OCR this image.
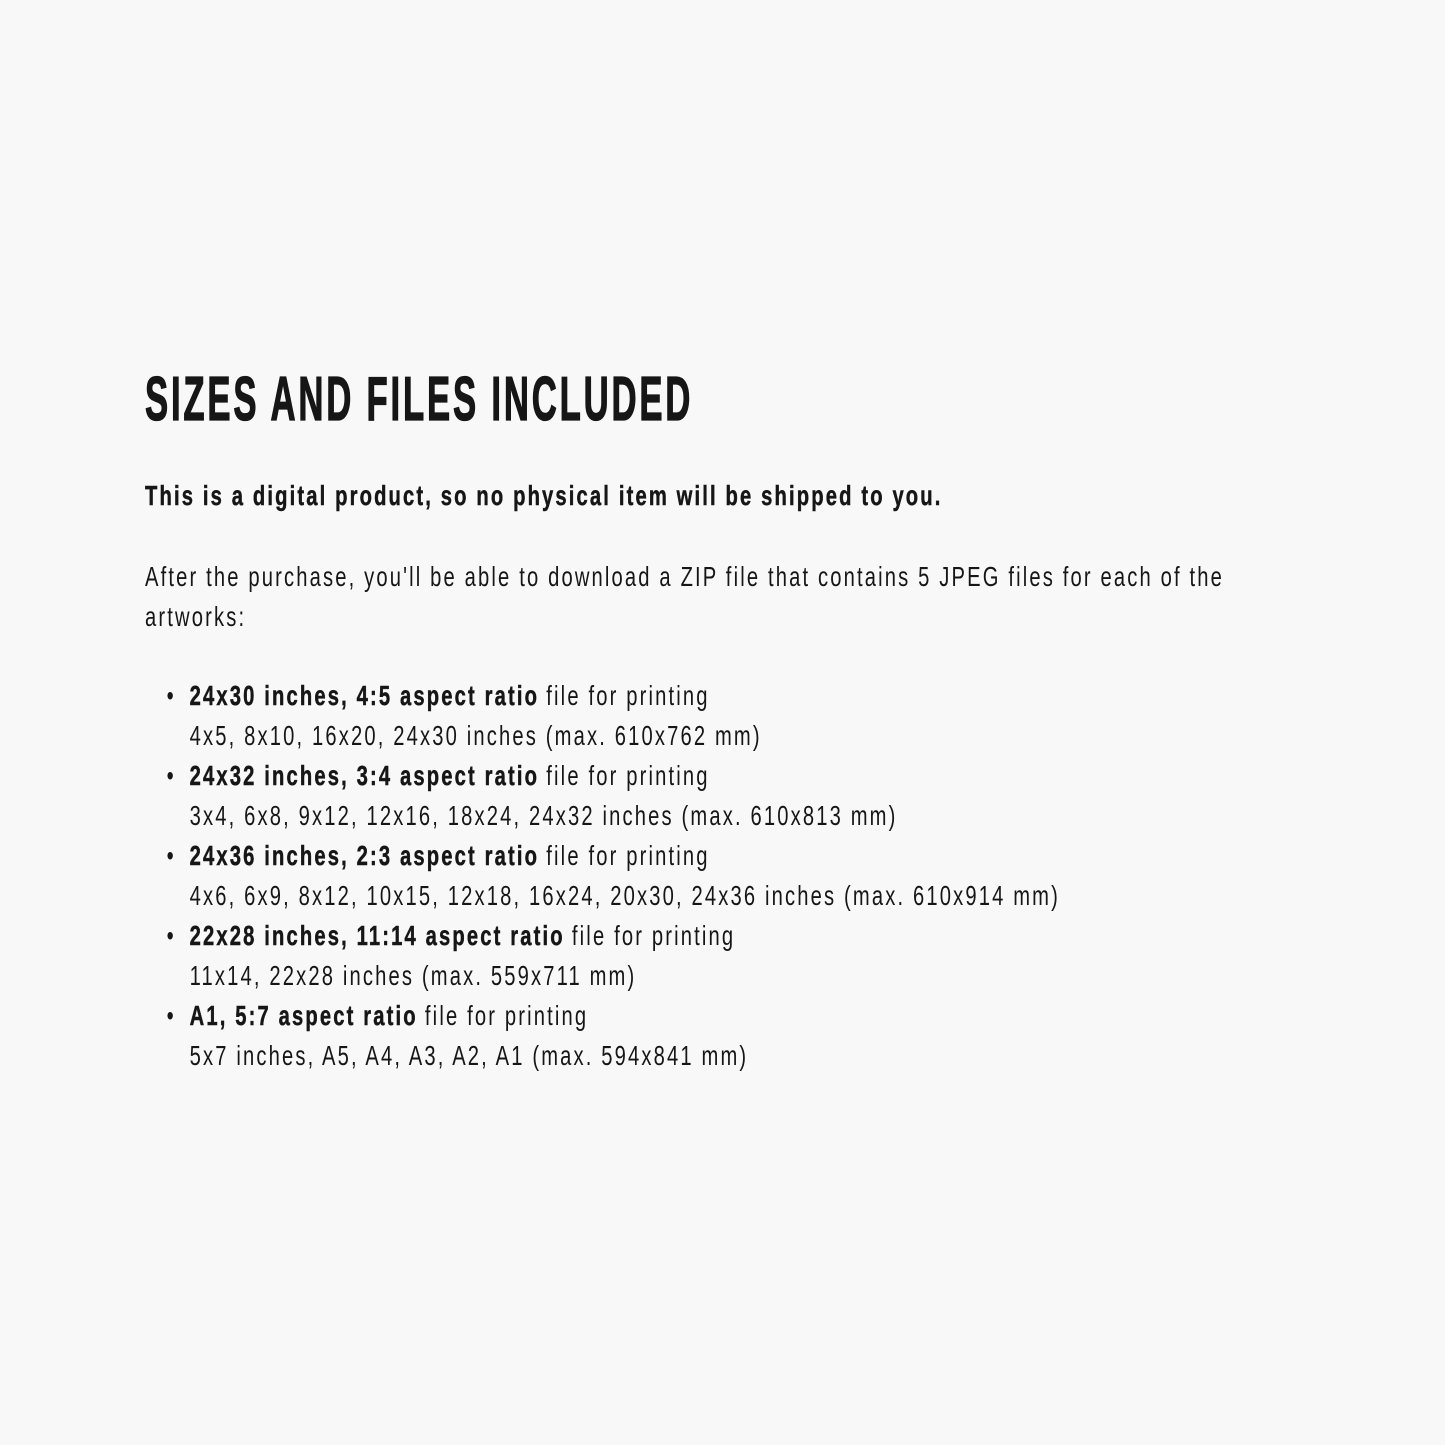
SIZES AND FILES INCLUDED

This is a digital product, so no physical item will be shipped to you.

After the purchase, you'll be able to download a ZIP file that contains 5 JPEG files for each of the artworks:

• 24x30 inches, 4:5 aspect ratio file for printing
4x5, 8x10, 16x20, 24x30 inches (max. 610x762 mm)
• 24x32 inches, 3:4 aspect ratio file for printing
3x4, 6x8, 9x12, 12x16, 18x24, 24x32 inches (max. 610x813 mm)
• 24x36 inches, 2:3 aspect ratio file for printing
4x6, 6x9, 8x12, 10x15, 12x18, 16x24, 20x30, 24x36 inches (max. 610x914 mm)
• 22x28 inches, 11:14 aspect ratio file for printing
11x14, 22x28 inches (max. 559x711 mm)
• A1, 5:7 aspect ratio file for printing
5x7 inches, A5, A4, A3, A2, A1 (max. 594x841 mm)
